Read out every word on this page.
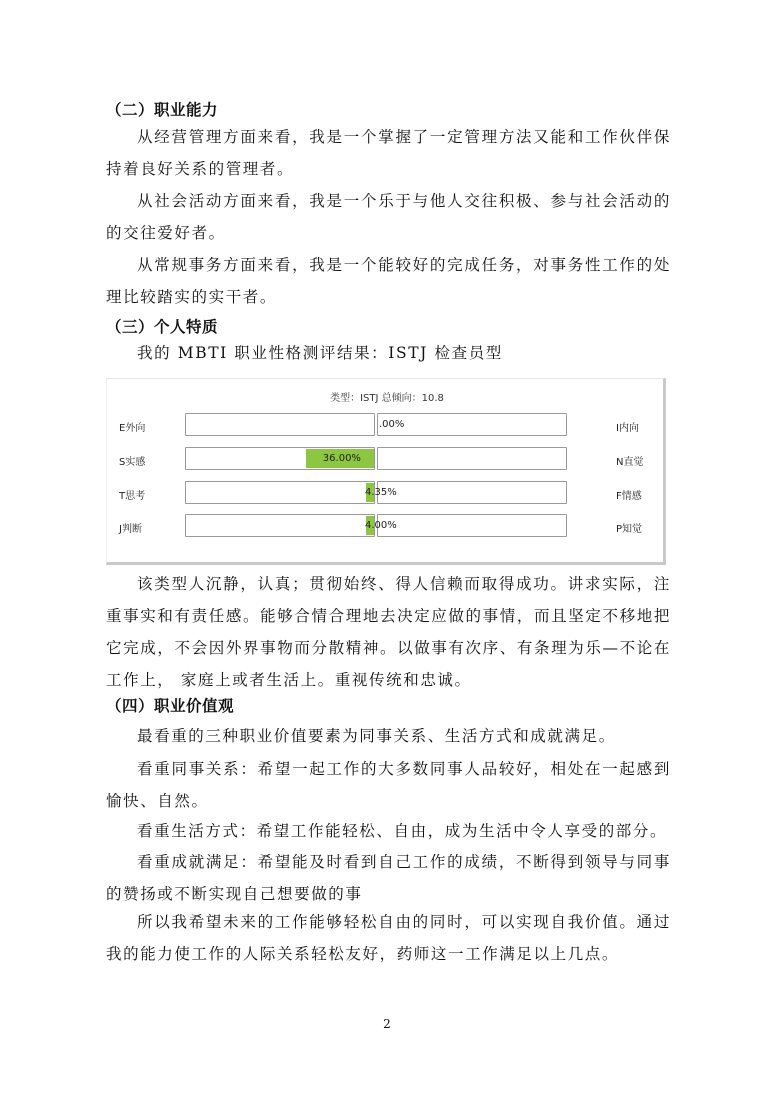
（二）职业能力
从经营管理方面来看，我是一个掌握了一定管理方法又能和工作伙伴保持着良好关系的管理者。
从社会活动方面来看，我是一个乐于与他人交往积极、参与社会活动的的交往爱好者。
从常规事务方面来看，我是一个能较好的完成任务，对事务性工作的处理比较踏实的实干者。
（三）个人特质
我的 MBTI 职业性格测评结果：ISTJ 检查员型
类型：ISTJ 总倾向：10.8
E外向	.00%	I内向
S实感	36.00%	N直觉
T思考	4.35%	F情感
J判断	4.00%	P知觉
该类型人沉静，认真；贯彻始终、得人信赖而取得成功。讲求实际，注重事实和有责任感。能够合情合理地去决定应做的事情，而且坚定不移地把它完成，不会因外界事物而分散精神。以做事有次序、有条理为乐—不论在工作上， 家庭上或者生活上。重视传统和忠诚。
（四）职业价值观
最看重的三种职业价值要素为同事关系、生活方式和成就满足。
看重同事关系：希望一起工作的大多数同事人品较好，相处在一起感到愉快、自然。
看重生活方式：希望工作能轻松、自由，成为生活中令人享受的部分。
看重成就满足：希望能及时看到自己工作的成绩，不断得到领导与同事的赞扬或不断实现自己想要做的事
所以我希望未来的工作能够轻松自由的同时，可以实现自我价值。通过我的能力使工作的人际关系轻松友好，药师这一工作满足以上几点。
2
